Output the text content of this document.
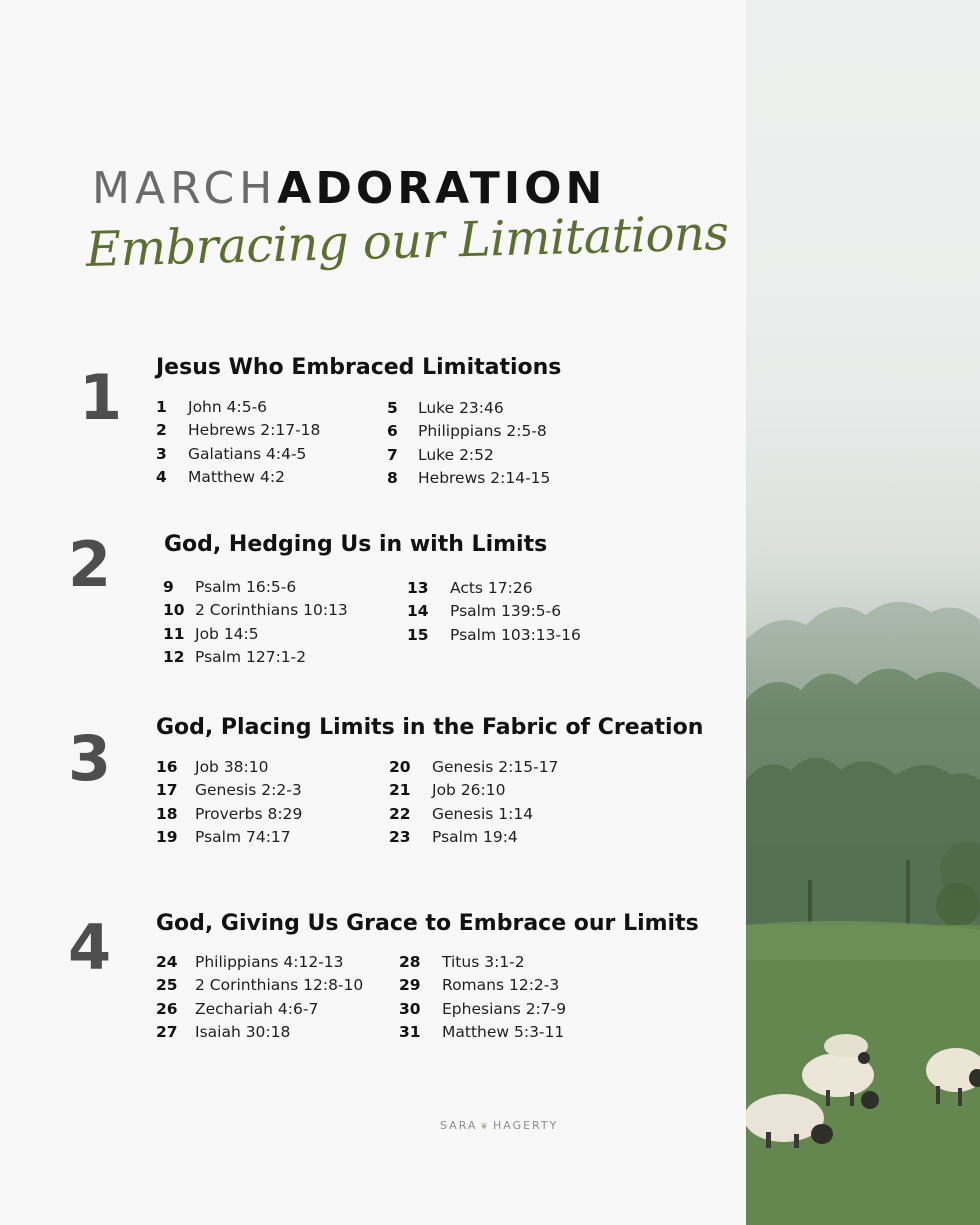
MARCHADORATION
Embracing our Limitations
1 Jesus Who Embraced Limitations
1 John 4:5-6
2 Hebrews 2:17-18
3 Galatians 4:4-5
4 Matthew 4:2
5 Luke 23:46
6 Philippians 2:5-8
7 Luke 2:52
8 Hebrews 2:14-15
2 God, Hedging Us in with Limits
9 Psalm 16:5-6
10 2 Corinthians 10:13
11 Job 14:5
12 Psalm 127:1-2
13 Acts 17:26
14 Psalm 139:5-6
15 Psalm 103:13-16
3 God, Placing Limits in the Fabric of Creation
16 Job 38:10
17 Genesis 2:2-3
18 Proverbs 8:29
19 Psalm 74:17
20 Genesis 2:15-17
21 Job 26:10
22 Genesis 1:14
23 Psalm 19:4
4 God, Giving Us Grace to Embrace our Limits
24 Philippians 4:12-13
25 2 Corinthians 12:8-10
26 Zechariah 4:6-7
27 Isaiah 30:18
28 Titus 3:1-2
29 Romans 12:2-3
30 Ephesians 2:7-9
31 Matthew 5:3-11
SARA ❦ HAGERTY
